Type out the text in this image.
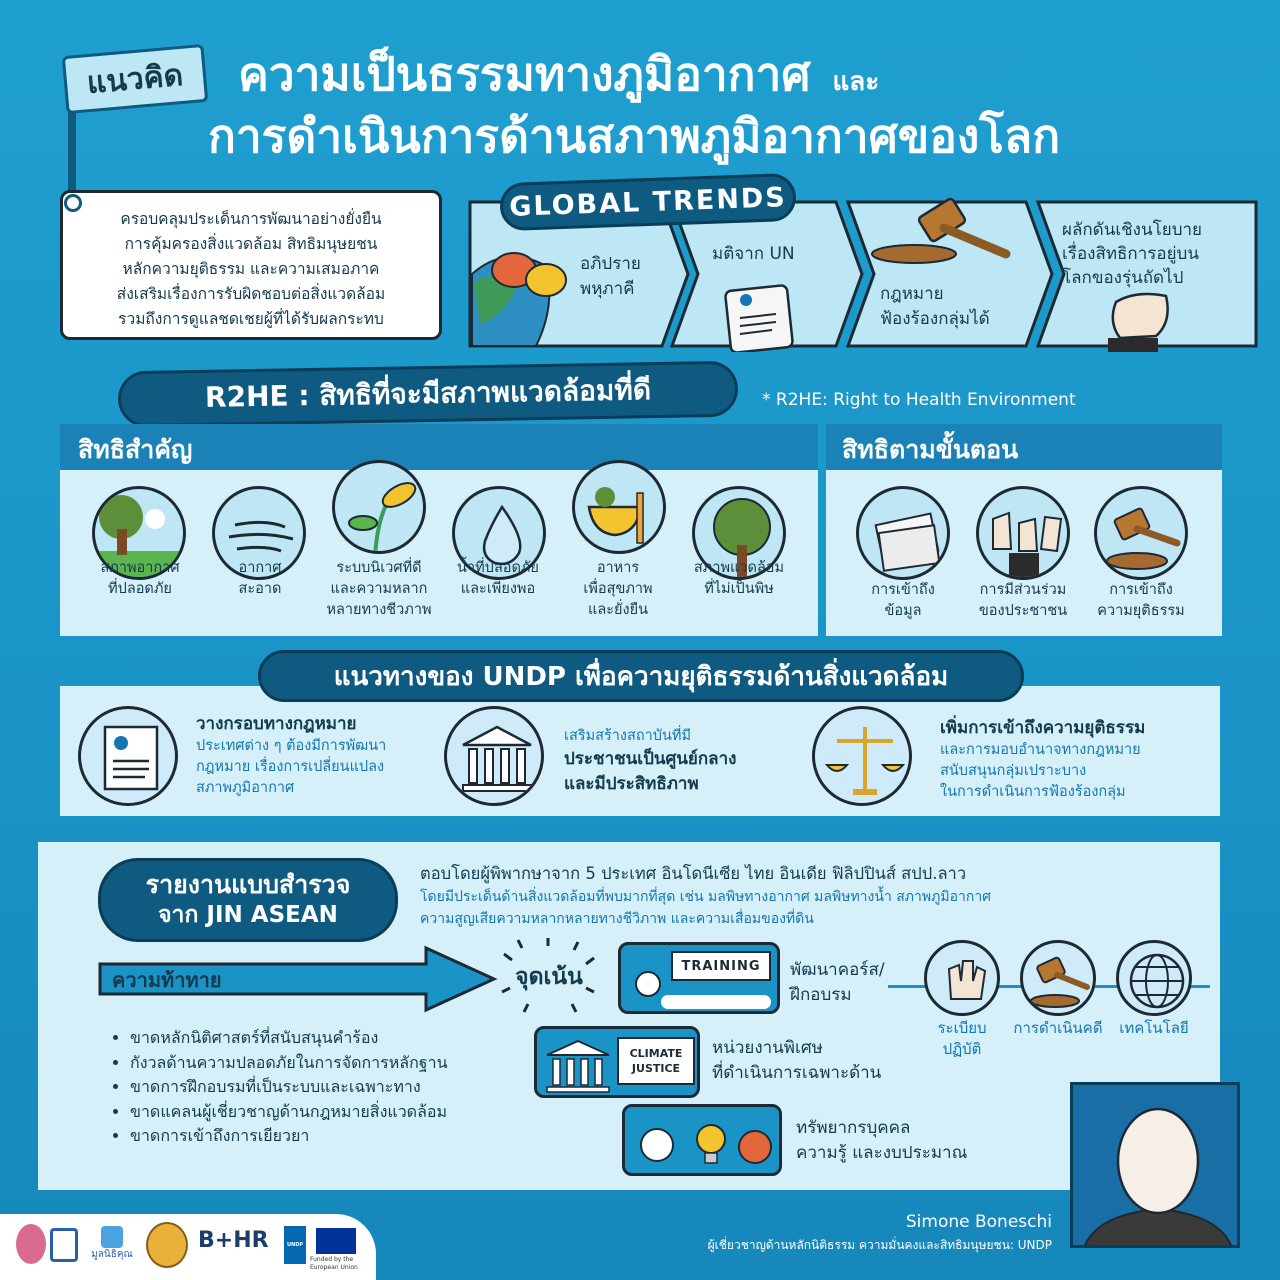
แนวคิด ความเป็นธรรมทางภูมิอากาศ และ
การดำเนินการด้านสภาพภูมิอากาศของโลก
ครอบคลุมประเด็นการพัฒนาอย่างยั่งยืน
การคุ้มครองสิ่งแวดล้อม สิทธิมนุษยชน
หลักความยุติธรรม และความเสมอภาค
ส่งเสริมเรื่องการรับผิดชอบต่อสิ่งแวดล้อม
รวมถึงการดูแลชดเชยผู้ที่ได้รับผลกระทบ
GLOBAL TRENDS
อภิปราย
พหุภาคี
มติจาก UN
กฎหมาย
ฟ้องร้องกลุ่มได้
ผลักดันเชิงนโยบาย
เรื่องสิทธิการอยู่บน
โลกของรุ่นถัดไป
R2HE : สิทธิที่จะมีสภาพแวดล้อมที่ดี	* R2HE: Right to Health Environment
สิทธิสำคัญ
สภาพอากาศ
ที่ปลอดภัย
อากาศ
สะอาด
ระบบนิเวศที่ดี
และความหลาก
หลายทางชีวภาพ
น้ำที่ปลอดภัย
และเพียงพอ
อาหาร
เพื่อสุขภาพ
และยั่งยืน
สภาพแวดล้อม
ที่ไม่เป็นพิษ
สิทธิตามขั้นตอน
การเข้าถึง
ข้อมูล
การมีส่วนร่วม
ของประชาชน
การเข้าถึง
ความยุติธรรม
แนวทางของ UNDP เพื่อความยุติธรรมด้านสิ่งแวดล้อม
วางกรอบทางกฎหมาย
ประเทศต่าง ๆ ต้องมีการพัฒนา
กฎหมาย เรื่องการเปลี่ยนแปลง
สภาพภูมิอากาศ
เสริมสร้างสถาบันที่มี
ประชาชนเป็นศูนย์กลาง
และมีประสิทธิภาพ
เพิ่มการเข้าถึงความยุติธรรม
และการมอบอำนาจทางกฎหมาย
สนับสนุนกลุ่มเปราะบาง
ในการดำเนินการฟ้องร้องกลุ่ม
รายงานแบบสำรวจ
จาก JIN ASEAN
ตอบโดยผู้พิพากษาจาก 5 ประเทศ อินโดนีเซีย ไทย อินเดีย ฟิลิปปินส์ สปป.ลาว
โดยมีประเด็นด้านสิ่งแวดล้อมที่พบมากที่สุด เช่น มลพิษทางอากาศ มลพิษทางน้ำ สภาพภูมิอากาศ
ความสูญเสียความหลากหลายทางชีวิภาพ และความเสื่อมของที่ดิน
ความท้าทาย	จุดเน้น
• ขาดหลักนิติศาสตร์ที่สนับสนุนคำร้อง
• กังวลด้านความปลอดภัยในการจัดการหลักฐาน
• ขาดการฝึกอบรมที่เป็นระบบและเฉพาะทาง
• ขาดแคลนผู้เชี่ยวชาญด้านกฎหมายสิ่งแวดล้อม
• ขาดการเข้าถึงการเยียวยา
TRAINING พัฒนาคอร์ส/
ฝึกอบรม
ระเบียบ
ปฏิบัติ
การดำเนินคดี	เทคโนโลยี
CLIMATE
JUSTICE
หน่วยงานพิเศษ
ที่ดำเนินการเฉพาะด้าน
ทรัพยากรบุคคล
ความรู้ และงบประมาณ
Simone Boneschi
ผู้เชี่ยวชาญด้านหลักนิติธรรม ความมั่นคงและสิทธิมนุษยชน: UNDP
มูลนิธิคุณ
B+HR	UNDP
Funded by the European Union
